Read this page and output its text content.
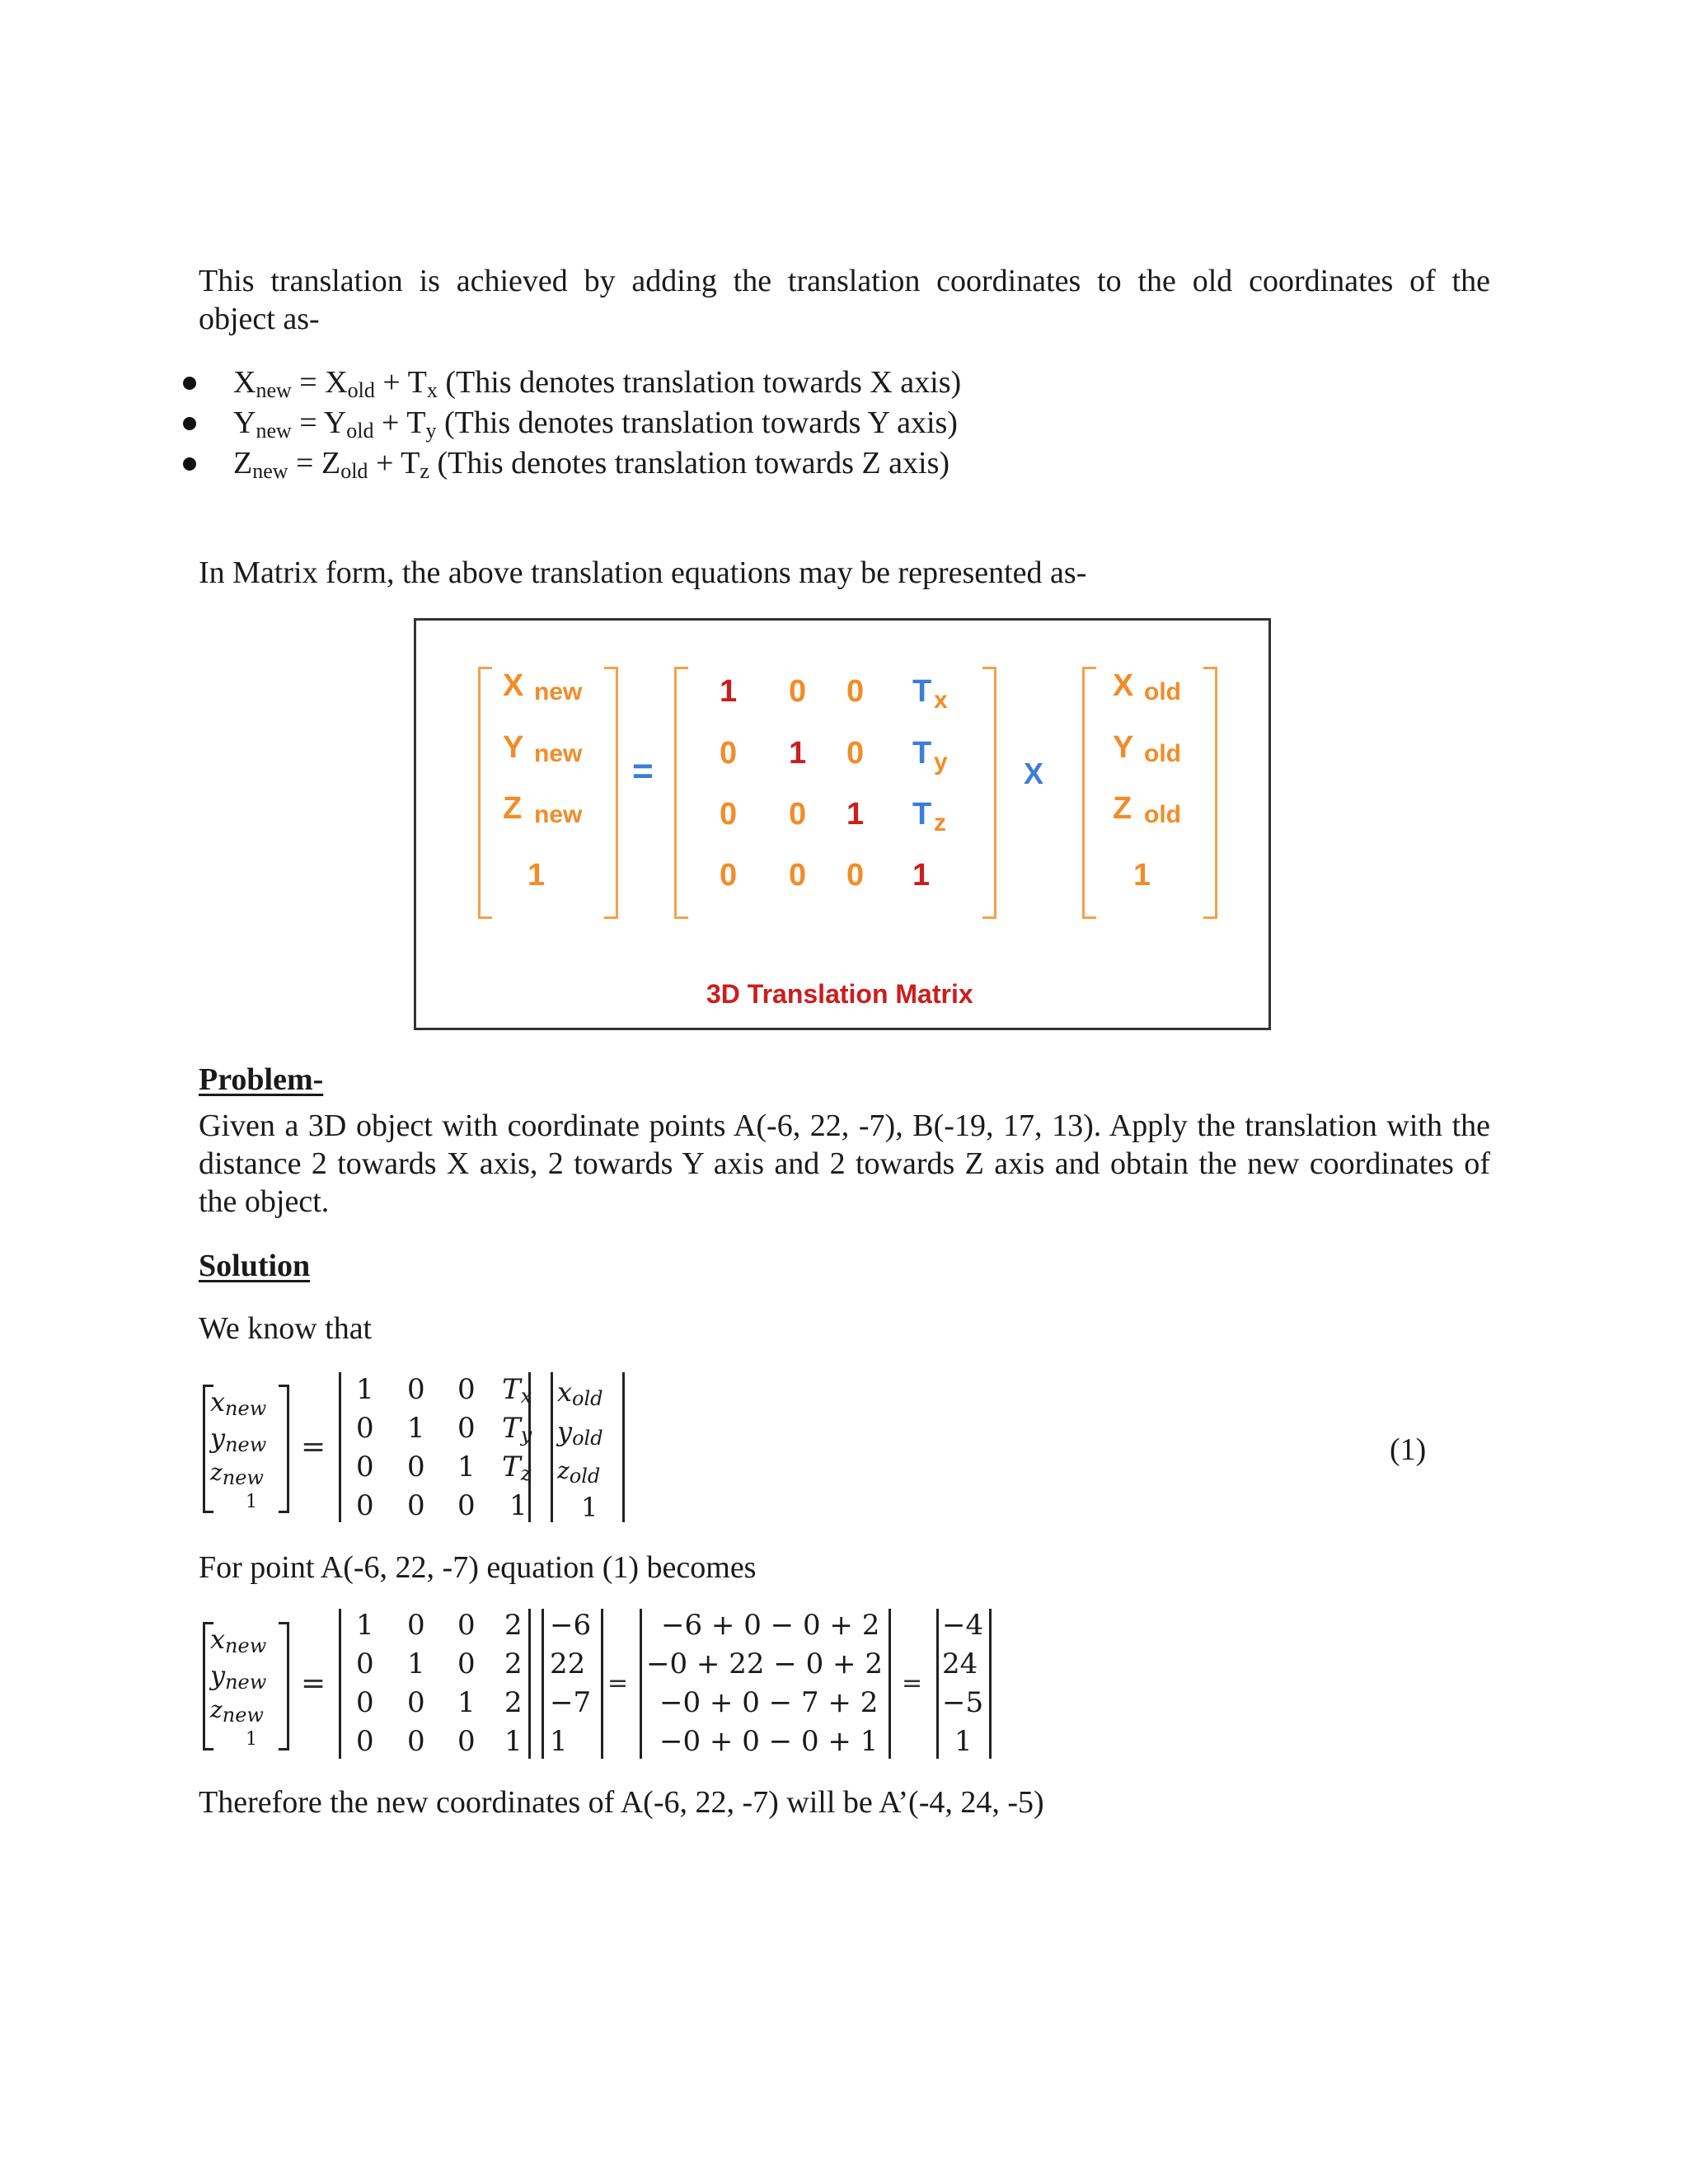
This translation is achieved by adding the translation coordinates to the old coordinates of the
object as-
$X_{new} = X_{old} + T_x$ (This denotes translation towards X axis)
$Y_{new} = Y_{old} + T_y$ (This denotes translation towards Y axis)
$Z_{new} = Z_{old} + T_z$ (This denotes translation towards Z axis)
In Matrix form, the above translation equations may be represented as-
X new
Y new
Z new
1
=
1 0 0 T x
0 1 0 T y
0 0 1 T z
0 0 0 1
X
X old
Y old
Z old
1
3D Translation Matrix
Problem-
Given a 3D object with coordinate points A(-6, 22, -7), B(-19, 17, 13). Apply the translation with the distance 2 towards X axis, 2 towards Y axis and 2 towards Z axis and obtain the new coordinates of the object.
Solution
We know that
xnew
ynew
znew
1
=
1 0 0 Tx
0 1 0 Ty
0 0 1 Tz
0 0 0 1
xold
yold
zold
1
(1)
For point A(-6, 22, -7) equation (1) becomes
xnew
ynew
znew
1
=
1 0 0 2
0 1 0 2
0 0 1 2
0 0 0 1
−6
22
−7
1
=
−6 + 0 − 0 + 2
−0 + 22 − 0 + 2
−0 + 0 − 7 + 2
−0 + 0 − 0 + 1
=
−4
24
−5
1
Therefore the new coordinates of A(-6, 22, -7) will be A’(-4, 24, -5)
